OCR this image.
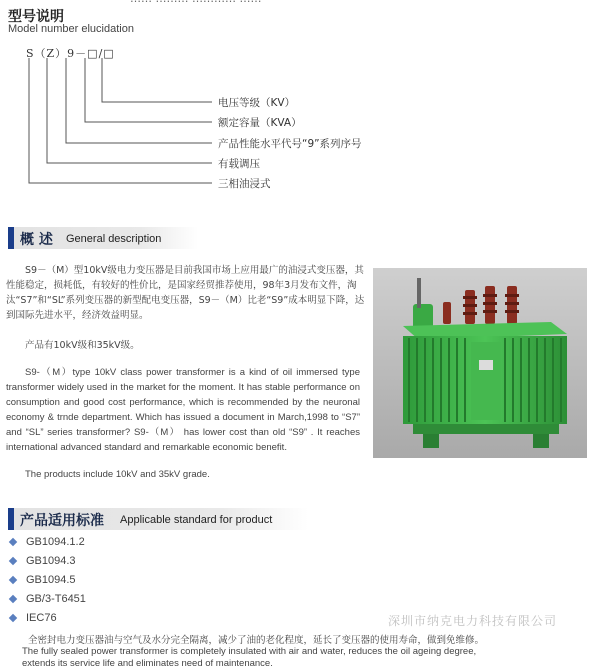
型号说明
Model number elucidation
S（Z）9－□/□
电压等级（KV）
额定容量（KVA）
产品性能水平代号“9”系列序号
有载调压
三相油浸式
概 述 General description
S9－（M）型10kV级电力变压器是目前我国市场上应用最广的油浸式变压器，其性能稳定，损耗低，有较好的性价比，是国家经贸推荐使用，98年3月发布文件，淘汰“S7”和“SL”系列变压器的新型配电变压器，S9－（M）比老“S9”成本明显下降，达到国际先进水平，经济效益明显。
产品有10kV级和35kV级。
S9-（M）type 10kV class power transformer is a kind of oil immersed type transformer widely used in the market for the moment. It has stable performance on consumption and good cost performance, which is recommended by the neuronal economy & trnde department. Which has issued a document in March,1998 to “S7” and “SL” series transformer? S9-（M） has lower cost than old “S9” . It reaches international advanced standard and remarkable economic benefit.
The products include 10kV and 35kV grade.
产品适用标准 Applicable standard for product
GB1094.1.2
GB1094.3
GB1094.5
GB/3-T6451
IEC76	深圳市纳克电力科技有限公司
全密封电力变压器油与空气及水分完全隔离，减少了油的老化程度，延长了变压器的使用寿命，做到免维修。
The fully sealed power transformer is completely insulated with air and water, reduces the oil ageing degree,
extends its service life and eliminates need of maintenance.
